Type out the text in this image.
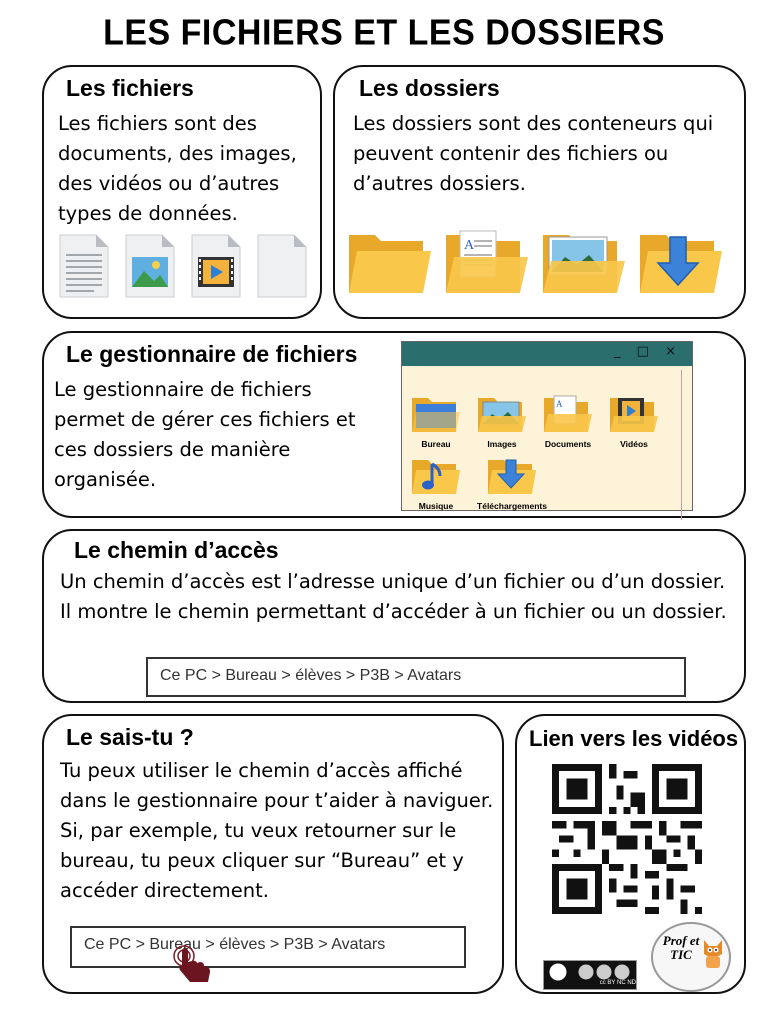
LES FICHIERS ET LES DOSSIERS
Les fichiers

Les fichiers sont des documents, des images, des vidéos ou d’autres types de données.

Les dossiers

Les dossiers sont des conteneurs qui peuvent contenir des fichiers ou d’autres dossiers.

A
Le gestionnaire de fichiers

Le gestionnaire de fichiers permet de gérer ces fichiers et ces dossiers de manière organisée.

_ □ ×
Bureau	Images
A
Documents	Vidéos
Musique	Téléchargements
Le chemin d’accès

Un chemin d’accès est l’adresse unique d’un fichier ou d’un dossier. Il montre le chemin permettant d’accéder à un fichier ou un dossier.

Ce PC > Bureau > élèves > P3B > Avatars
Le sais-tu ?

Tu peux utiliser le chemin d’accès affiché dans le gestionnaire pour t’aider à naviguer. Si, par exemple, tu veux retourner sur le bureau, tu peux cliquer sur “Bureau” et y accéder directement.

Ce PC > Bureau > élèves > P3B > Avatars
Lien vers les vidéos
cc BY NC ND
Prof et TIC
